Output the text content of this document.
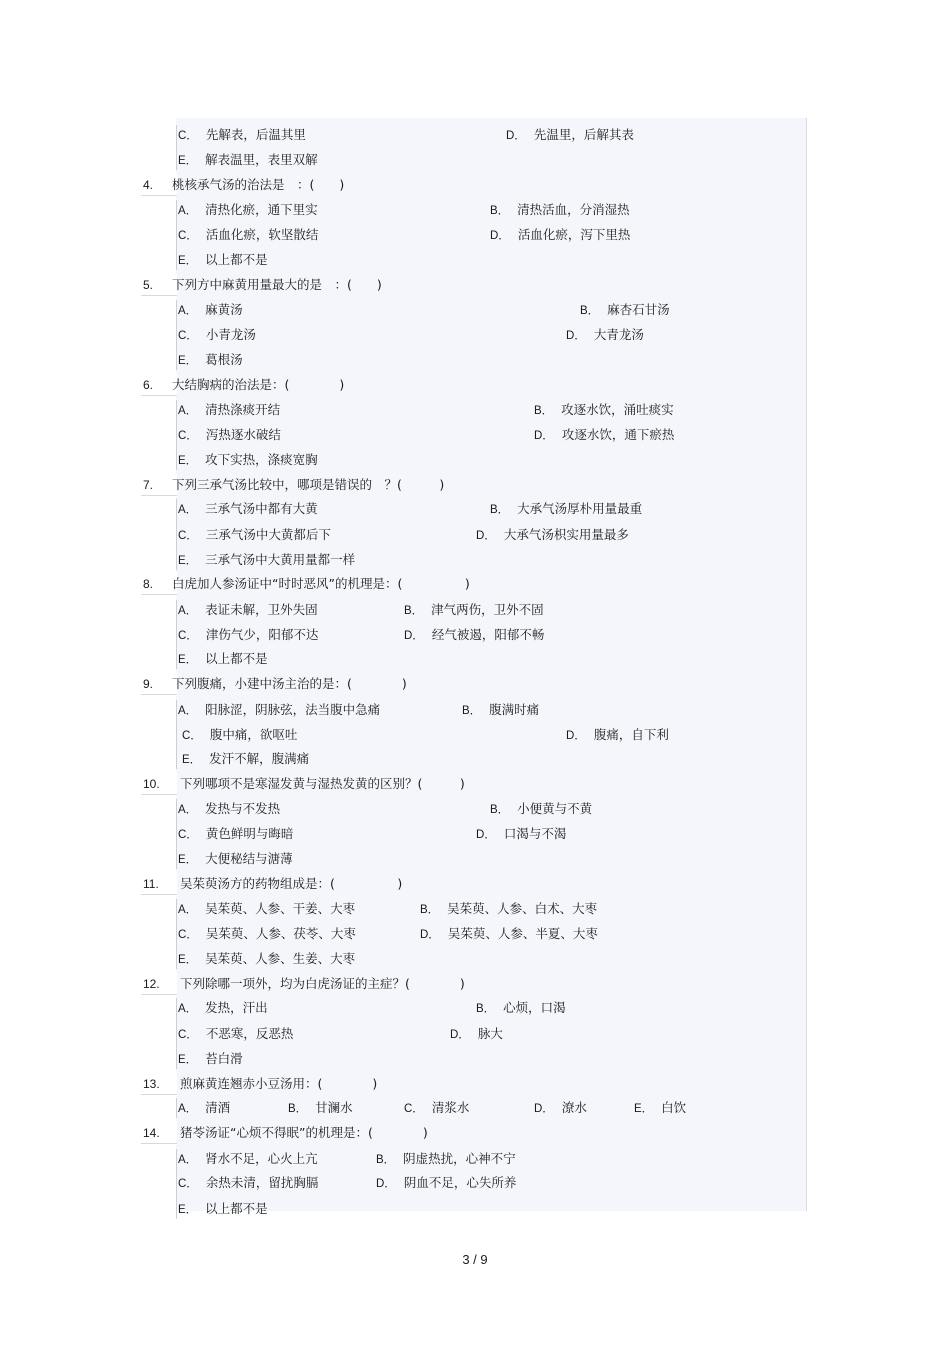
C． 先解表，后温其里	D． 先温里，后解其表
E． 解表温里，表里双解
4. 桃核承气汤的治法是　：(　　)
A． 清热化瘀，通下里实	B． 清热活血，分消湿热
C． 活血化瘀，软坚散结	D． 活血化瘀，泻下里热
E． 以上都不是
5. 下列方中麻黄用量最大的是　：(　　)
A． 麻黄汤	B． 麻杏石甘汤
C． 小青龙汤	D． 大青龙汤
E． 葛根汤
6. 大结胸病的治法是：(　　　　)
A． 清热涤痰开结	B． 攻逐水饮，涌吐痰实
C． 泻热逐水破结	D． 攻逐水饮，通下瘀热
E． 攻下实热，涤痰宽胸
7. 下列三承气汤比较中，哪项是错误的　？(　　　)
A． 三承气汤中都有大黄	B． 大承气汤厚朴用量最重
C． 三承气汤中大黄都后下	D． 大承气汤枳实用量最多
E． 三承气汤中大黄用量都一样
8. 白虎加人参汤证中“时时恶风”的机理是：(　　　　　)
A． 表证未解，卫外失固	B． 津气两伤，卫外不固
C． 津伤气少，阳郁不达	D． 经气被遏，阳郁不畅
E． 以上都不是
9. 下列腹痛，小建中汤主治的是：(　　　　)
A． 阳脉涩，阴脉弦，法当腹中急痛	B． 腹满时痛
C． 腹中痛，欲呕吐	D． 腹痛，自下利
E． 发汗不解，腹满痛
10. 下列哪项不是寒湿发黄与湿热发黄的区别？(　　　)
A． 发热与不发热	B． 小便黄与不黄
C． 黄色鲜明与晦暗	D． 口渴与不渴
E． 大便秘结与溏薄
11. 吴茱萸汤方的药物组成是：(　　　　　)
A． 吴茱萸、人参、干姜、大枣	B． 吴茱萸、人参、白术、大枣
C． 吴茱萸、人参、茯苓、大枣	D． 吴茱萸、人参、半夏、大枣
E． 吴茱萸、人参、生姜、大枣
12. 下列除哪一项外，均为白虎汤证的主症？(　　　　)
A． 发热，汗出	B． 心烦，口渴
C． 不恶寒，反恶热	D． 脉大
E． 苔白滑
13. 煎麻黄连翘赤小豆汤用：(　　　　)
A． 清酒	B． 甘澜水	C． 清浆水	D． 潦水	E． 白饮
14. 猪苓汤证“心烦不得眠”的机理是：(　　　　)
A． 肾水不足，心火上亢	B． 阴虚热扰，心神不宁
C． 余热未清，留扰胸膈	D． 阴血不足，心失所养
E． 以上都不是
3 / 9
